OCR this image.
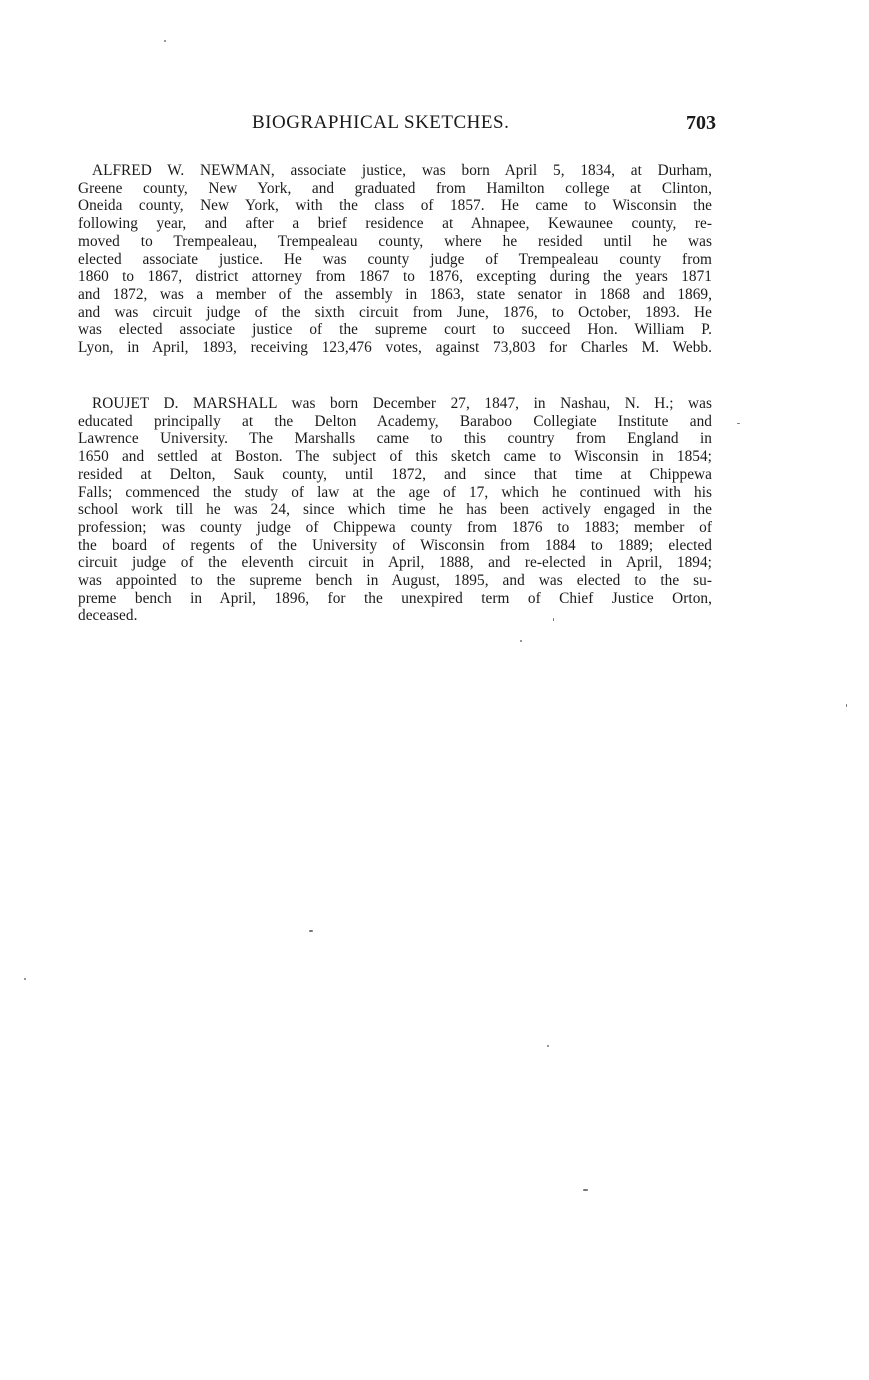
BIOGRAPHICAL SKETCHES.	703
ALFRED W. NEWMAN, associate justice, was born April 5, 1834, at Durham,
Greene county, New York, and graduated from Hamilton college at Clinton,
Oneida county, New York, with the class of 1857. He came to Wisconsin the
following year, and after a brief residence at Ahnapee, Kewaunee county, re-
moved to Trempealeau, Trempealeau county, where he resided until he was
elected associate justice. He was county judge of Trempealeau county from
1860 to 1867, district attorney from 1867 to 1876, excepting during the years 1871
and 1872, was a member of the assembly in 1863, state senator in 1868 and 1869,
and was circuit judge of the sixth circuit from June, 1876, to October, 1893. He
was elected associate justice of the supreme court to succeed Hon. William P.
Lyon, in April, 1893, receiving 123,476 votes, against 73,803 for Charles M. Webb.
ROUJET D. MARSHALL was born December 27, 1847, in Nashau, N. H.; was
educated principally at the Delton Academy, Baraboo Collegiate Institute and
Lawrence University. The Marshalls came to this country from England in
1650 and settled at Boston. The subject of this sketch came to Wisconsin in 1854;
resided at Delton, Sauk county, until 1872, and since that time at Chippewa
Falls; commenced the study of law at the age of 17, which he continued with his
school work till he was 24, since which time he has been actively engaged in the
profession; was county judge of Chippewa county from 1876 to 1883; member of
the board of regents of the University of Wisconsin from 1884 to 1889; elected
circuit judge of the eleventh circuit in April, 1888, and re-elected in April, 1894;
was appointed to the supreme bench in August, 1895, and was elected to the su-
preme bench in April, 1896, for the unexpired term of Chief Justice Orton,
deceased.
